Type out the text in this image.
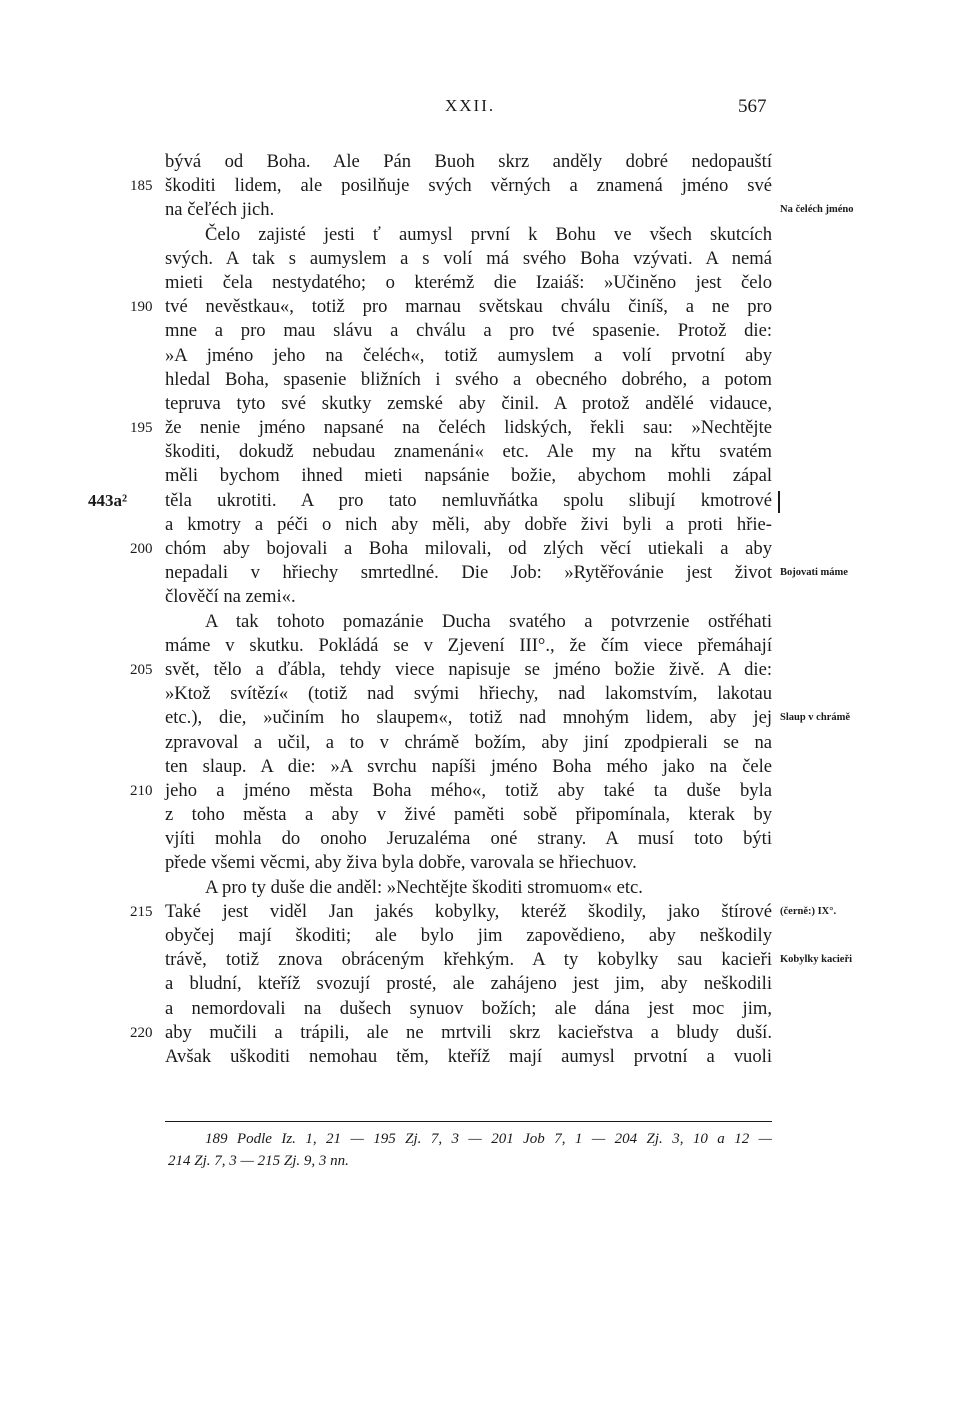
XXII.	567
bývá od Boha. Ale Pán Buoh skrz anděly dobré nedopauští
škoditi lidem, ale posilňuje svých věrných a znamená jméno své
185
na čeľéch jich.	Na čeléch jméno
Čelo zajisté jesti ť aumysl první k Bohu ve všech skutcích
svých. A tak s aumyslem a s volí má svého Boha vzývati. A nemá
mieti čela nestydatého; o kterémž die Izaiáš: »Učiněno jest čelo
tvé nevěstkau«, totiž pro marnau světskau chválu činíš, a ne pro
190
mne a pro mau slávu a chválu a pro tvé spasenie. Protož die:
»A jméno jeho na čeléch«, totiž aumyslem a volí prvotní aby
hledal Boha, spasenie bližních i svého a obecného dobrého, a potom
tepruva tyto své skutky zemské aby činil. A protož andělé vidauce,
že nenie jméno napsané na čeléch lidských, řekli sau: »Nechtějte
195
škoditi, dokudž nebudau znamenáni« etc. Ale my na křtu svatém
měli bychom ihned mieti napsánie božie, abychom mohli zápal
těla ukrotiti. A pro tato nemluvňátka spolu slibují kmotrové
443a²
a kmotry a péči o nich aby měli, aby dobře živi byli a proti hřie-
chóm aby bojovali a Boha milovali, od zlých věcí utiekali a aby
200
nepadali v hřiechy smrtedlné. Die Job: »Rytěřovánie jest život Bojovati máme
člověčí na zemi«.
A tak tohoto pomazánie Ducha svatého a potvrzenie ostřéhati
máme v skutku. Pokládá se v Zjevení III°., že čím viece přemáhají
svět, tělo a ďábla, tehdy viece napisuje se jméno božie živě. A die:
205
»Ktož svítězí« (totiž nad svými hřiechy, nad lakomstvím, lakotau
etc.), die, »učiním ho slaupem«, totiž nad mnohým lidem, aby jej Slaup v chrámě
zpravoval a učil, a to v chrámě božím, aby jiní zpodpierali se na
ten slaup. A die: »A svrchu napíši jméno Boha mého jako na čele
jeho a jméno města Boha mého«, totiž aby také ta duše byla
210
z toho města a aby v živé paměti sobě připomínala, kterak by
vjíti mohla do onoho Jeruzaléma oné strany. A musí toto býti
přede všemi věcmi, aby živa byla dobře, varovala se hřiechuov.
A pro ty duše die anděl: »Nechtějte škoditi stromuom« etc.
Také jest viděl Jan jakés kobylky, kteréž škodily, jako štírové
215	(černě:) IX°.
obyčej mají škoditi; ale bylo jim zapovědieno, aby neškodily
trávě, totiž znova obráceným křehkým. A ty kobylky sau kacieři Kobylky kacieři
a bludní, kteříž svozují prosté, ale zahájeno jest jim, aby neškodili
a nemordovali na dušech synuov božích; ale dána jest moc jim,
aby mučili a trápili, ale ne mrtvili skrz kacieřstva a bludy duší.
220
Avšak uškoditi nemohau těm, kteříž mají aumysl prvotní a vuoli
189 Podle Iz. 1, 21 — 195 Zj. 7, 3 — 201 Job 7, 1 — 204 Zj. 3, 10 a 12 —
214 Zj. 7, 3 — 215 Zj. 9, 3 nn.
